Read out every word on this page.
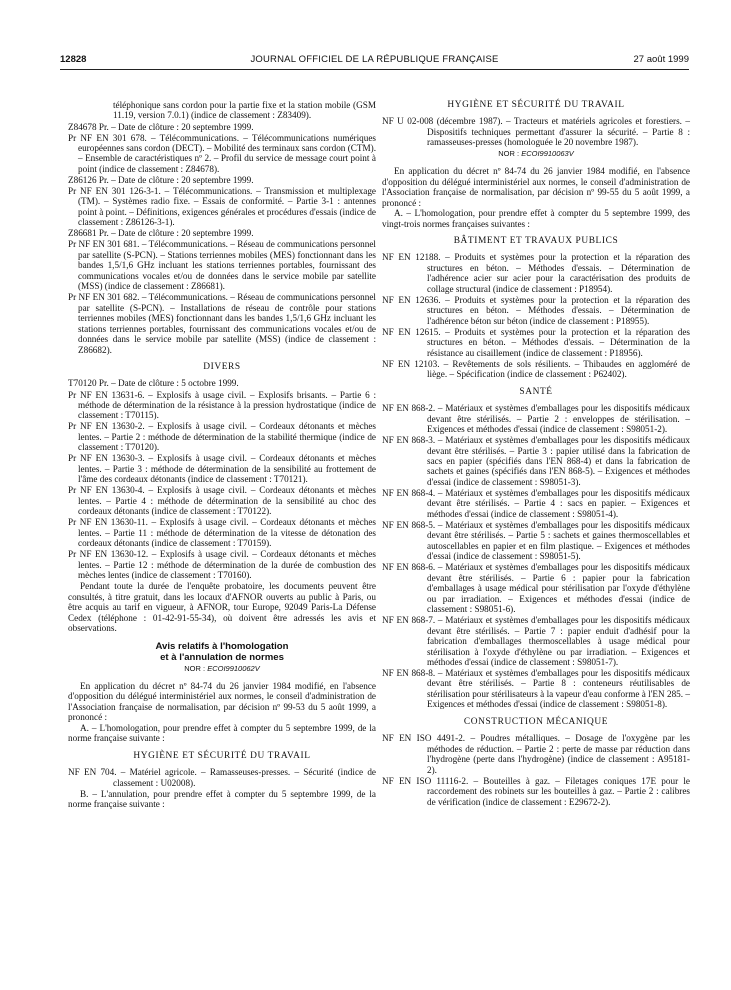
12828	JOURNAL OFFICIEL DE LA RÉPUBLIQUE FRANÇAISE	27 août 1999

téléphonique sans cordon pour la partie fixe et la station mobile (GSM 11.19, version 7.0.1) (indice de classement : Z83409).

Z84678 Pr. – Date de clôture : 20 septembre 1999.

Pr NF EN 301 678. – Télécommunications. – Télécommunications numériques européennes sans cordon (DECT). – Mobilité des terminaux sans cordon (CTM). – Ensemble de caractéristiques nº 2. – Profil du service de message court point à point (indice de classement : Z84678).

Z86126 Pr. – Date de clôture : 20 septembre 1999.

Pr NF EN 301 126-3-1. – Télécommunications. – Transmission et multiplexage (TM). – Systèmes radio fixe. – Essais de conformité. – Partie 3-1 : antennes point à point. – Définitions, exigences générales et procédures d'essais (indice de classement : Z86126-3-1).

Z86681 Pr. – Date de clôture : 20 septembre 1999.

Pr NF EN 301 681. – Télécommunications. – Réseau de communications personnel par satellite (S-PCN). – Stations terriennes mobiles (MES) fonctionnant dans les bandes 1,5/1,6 GHz incluant les stations terriennes portables, fournissant des communications vocales et/ou de données dans le service mobile par satellite (MSS) (indice de classement : Z86681).

Pr NF EN 301 682. – Télécommunications. – Réseau de communications personnel par satellite (S-PCN). – Installations de réseau de contrôle pour stations terriennes mobiles (MES) fonctionnant dans les bandes 1,5/1,6 GHz incluant les stations terriennes portables, fournissant des communications vocales et/ou de données dans le service mobile par satellite (MSS) (indice de classement : Z86682).

DIVERS

T70120 Pr. – Date de clôture : 5 octobre 1999.

Pr NF EN 13631-6. – Explosifs à usage civil. – Explosifs brisants. – Partie 6 : méthode de détermination de la résistance à la pression hydrostatique (indice de classement : T70115).

Pr NF EN 13630-2. – Explosifs à usage civil. – Cordeaux détonants et mèches lentes. – Partie 2 : méthode de détermination de la stabilité thermique (indice de classement : T70120).

Pr NF EN 13630-3. – Explosifs à usage civil. – Cordeaux détonants et mèches lentes. – Partie 3 : méthode de détermination de la sensibilité au frottement de l'âme des cordeaux détonants (indice de classement : T70121).

Pr NF EN 13630-4. – Explosifs à usage civil. – Cordeaux détonants et mèches lentes. – Partie 4 : méthode de détermination de la sensibilité au choc des cordeaux détonants (indice de classement : T70122).

Pr NF EN 13630-11. – Explosifs à usage civil. – Cordeaux détonants et mèches lentes. – Partie 11 : méthode de détermination de la vitesse de détonation des cordeaux détonants (indice de classement : T70159).

Pr NF EN 13630-12. – Explosifs à usage civil. – Cordeaux détonants et mèches lentes. – Partie 12 : méthode de détermination de la durée de combustion des mèches lentes (indice de classement : T70160).

Pendant toute la durée de l'enquête probatoire, les documents peuvent être consultés, à titre gratuit, dans les locaux d'AFNOR ouverts au public à Paris, ou être acquis au tarif en vigueur, à AFNOR, tour Europe, 92049 Paris-La Défense Cedex (téléphone : 01-42-91-55-34), où doivent être adressés les avis et observations.

Avis relatifs à l'homologation
et à l'annulation de normes
NOR : ECOI9910062V

En application du décret nº 84-74 du 26 janvier 1984 modifié, en l'absence d'opposition du délégué interministériel aux normes, le conseil d'administration de l'Association française de normalisation, par décision nº 99-53 du 5 août 1999, a prononcé :

A. – L'homologation, pour prendre effet à compter du 5 septembre 1999, de la norme française suivante :

HYGIÈNE ET SÉCURITÉ DU TRAVAIL

NF EN 704. – Matériel agricole. – Ramasseuses-presses. – Sécurité (indice de classement : U02008).

B. – L'annulation, pour prendre effet à compter du 5 septembre 1999, de la norme française suivante :

HYGIÈNE ET SÉCURITÉ DU TRAVAIL

NF U 02-008 (décembre 1987). – Tracteurs et matériels agricoles et forestiers. – Dispositifs techniques permettant d'assurer la sécurité. – Partie 8 : ramasseuses-presses (homologuée le 20 novembre 1987).

NOR : ECOI9910063V

En application du décret nº 84-74 du 26 janvier 1984 modifié, en l'absence d'opposition du délégué interministériel aux normes, le conseil d'administration de l'Association française de normalisation, par décision nº 99-55 du 5 août 1999, a prononcé :

A. – L'homologation, pour prendre effet à compter du 5 septembre 1999, des vingt-trois normes françaises suivantes :

BÂTIMENT ET TRAVAUX PUBLICS

NF EN 12188. – Produits et systèmes pour la protection et la réparation des structures en béton. – Méthodes d'essais. – Détermination de l'adhérence acier sur acier pour la caractérisation des produits de collage structural (indice de classement : P18954).

NF EN 12636. – Produits et systèmes pour la protection et la réparation des structures en béton. – Méthodes d'essais. – Détermination de l'adhérence béton sur béton (indice de classement : P18955).

NF EN 12615. – Produits et systèmes pour la protection et la réparation des structures en béton. – Méthodes d'essais. – Détermination de la résistance au cisaillement (indice de classement : P18956).

NF EN 12103. – Revêtements de sols résilients. – Thibaudes en aggloméré de liège. – Spécification (indice de classement : P62402).

SANTÉ

NF EN 868-2. – Matériaux et systèmes d'emballages pour les dispositifs médicaux devant être stérilisés. – Partie 2 : enveloppes de stérilisation. – Exigences et méthodes d'essai (indice de classement : S98051-2).

NF EN 868-3. – Matériaux et systèmes d'emballages pour les dispositifs médicaux devant être stérilisés. – Partie 3 : papier utilisé dans la fabrication de sacs en papier (spécifiés dans l'EN 868-4) et dans la fabrication de sachets et gaines (spécifiés dans l'EN 868-5). – Exigences et méthodes d'essai (indice de classement : S98051-3).

NF EN 868-4. – Matériaux et systèmes d'emballages pour les dispositifs médicaux devant être stérilisés. – Partie 4 : sacs en papier. – Exigences et méthodes d'essai (indice de classement : S98051-4).

NF EN 868-5. – Matériaux et systèmes d'emballages pour les dispositifs médicaux devant être stérilisés. – Partie 5 : sachets et gaines thermoscellables et autoscellables en papier et en film plastique. – Exigences et méthodes d'essai (indice de classement : S98051-5).

NF EN 868-6. – Matériaux et systèmes d'emballages pour les dispositifs médicaux devant être stérilisés. – Partie 6 : papier pour la fabrication d'emballages à usage médical pour stérilisation par l'oxyde d'éthylène ou par irradiation. – Exigences et méthodes d'essai (indice de classement : S98051-6).

NF EN 868-7. – Matériaux et systèmes d'emballages pour les dispositifs médicaux devant être stérilisés. – Partie 7 : papier enduit d'adhésif pour la fabrication d'emballages thermoscellables à usage médical pour stérilisation à l'oxyde d'éthylène ou par irradiation. – Exigences et méthodes d'essai (indice de classement : S98051-7).

NF EN 868-8. – Matériaux et systèmes d'emballages pour les dispositifs médicaux devant être stérilisés. – Partie 8 : conteneurs réutilisables de stérilisation pour stérilisateurs à la vapeur d'eau conforme à l'EN 285. – Exigences et méthodes d'essai (indice de classement : S98051-8).

CONSTRUCTION MÉCANIQUE

NF EN ISO 4491-2. – Poudres métalliques. – Dosage de l'oxygène par les méthodes de réduction. – Partie 2 : perte de masse par réduction dans l'hydrogène (perte dans l'hydrogène) (indice de classement : A95181-2).

NF EN ISO 11116-2. – Bouteilles à gaz. – Filetages coniques 17E pour le raccordement des robinets sur les bouteilles à gaz. – Partie 2 : calibres de vérification (indice de classement : E29672-2).
